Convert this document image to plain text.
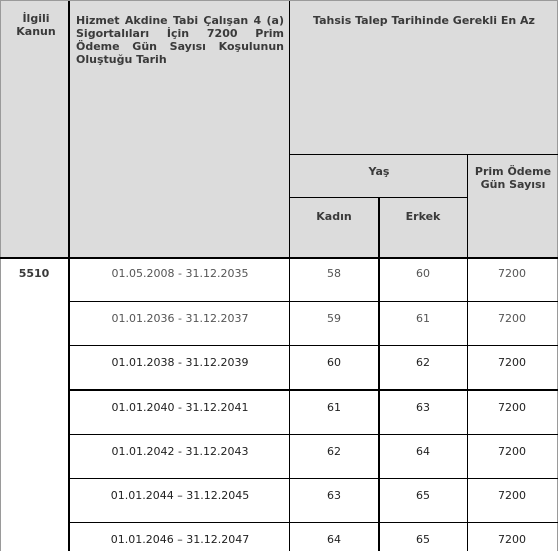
İlgili Kanun
Hizmet Akdine Tabi Çalışan 4 (a) Sigortalıları İçin 7200 Prim Ödeme Gün Sayısı Koşulunun Oluştuğu Tarih
Tahsis Talep Tarihinde Gerekli En Az
Yaş	Prim Ödeme Gün Sayısı
Kadın	Erkek
5510	01.05.2008 - 31.12.2035	58	60	7200
01.01.2036 - 31.12.2037	59	61	7200
01.01.2038 - 31.12.2039	60	62	7200
01.01.2040 - 31.12.2041	61	63	7200
01.01.2042 - 31.12.2043	62	64	7200
01.01.2044 – 31.12.2045	63	65	7200
01.01.2046 – 31.12.2047	64	65	7200
